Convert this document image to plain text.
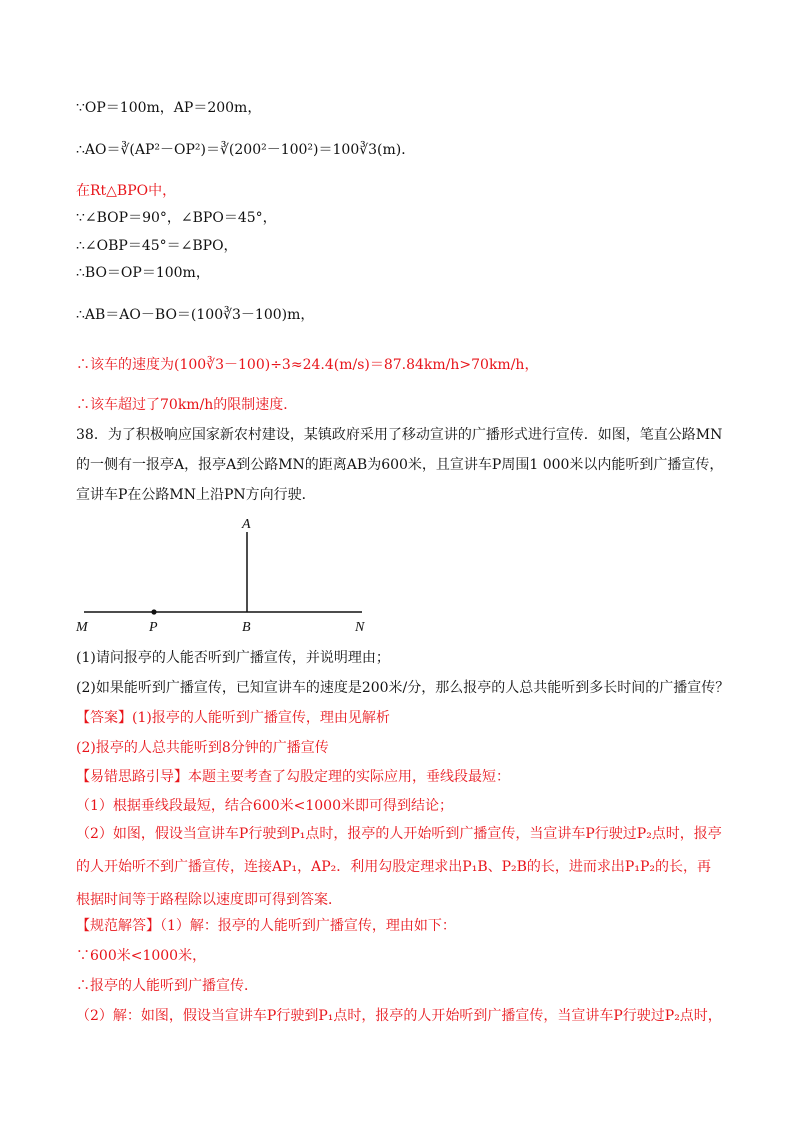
∵OP＝100m，AP＝200m，
∴AO＝∛(AP²－OP²)＝∛(200²－100²)＝100∛3(m)．
在Rt△BPO中，
∵∠BOP＝90°，∠BPO＝45°，
∴∠OBP＝45°＝∠BPO，
∴BO＝OP＝100m，
∴AB＝AO－BO＝(100∛3－100)m，
∴该车的速度为(100∛3－100)÷3≈24.4(m/s)＝87.84km/h>70km/h，
∴该车超过了70km/h的限制速度．
38．为了积极响应国家新农村建设，某镇政府采用了移动宣讲的广播形式进行宣传．如图，笔直公路MN的一侧有一报亭A，报亭A到公路MN的距离AB为600米，且宣讲车P周围1 000米以内能听到广播宣传，宣讲车P在公路MN上沿PN方向行驶．
A
M	P	B	N
(1)请问报亭的人能否听到广播宣传，并说明理由；
(2)如果能听到广播宣传，已知宣讲车的速度是200米/分，那么报亭的人总共能听到多长时间的广播宣传？
【答案】(1)报亭的人能听到广播宣传，理由见解析
(2)报亭的人总共能听到8分钟的广播宣传
【易错思路引导】本题主要考查了勾股定理的实际应用，垂线段最短：
（1）根据垂线段最短，结合600米<1000米即可得到结论；
（2）如图，假设当宣讲车P行驶到P₁点时，报亭的人开始听到广播宣传，当宣讲车P行驶过P₂点时，报亭的人开始听不到广播宣传，连接AP₁，AP₂．利用勾股定理求出P₁B、P₂B的长，进而求出P₁P₂的长，再根据时间等于路程除以速度即可得到答案．
【规范解答】（1）解：报亭的人能听到广播宣传，理由如下：
∵600米<1000米，
∴报亭的人能听到广播宣传．
（2）解：如图，假设当宣讲车P行驶到P₁点时，报亭的人开始听到广播宣传，当宣讲车P行驶过P₂点时，
